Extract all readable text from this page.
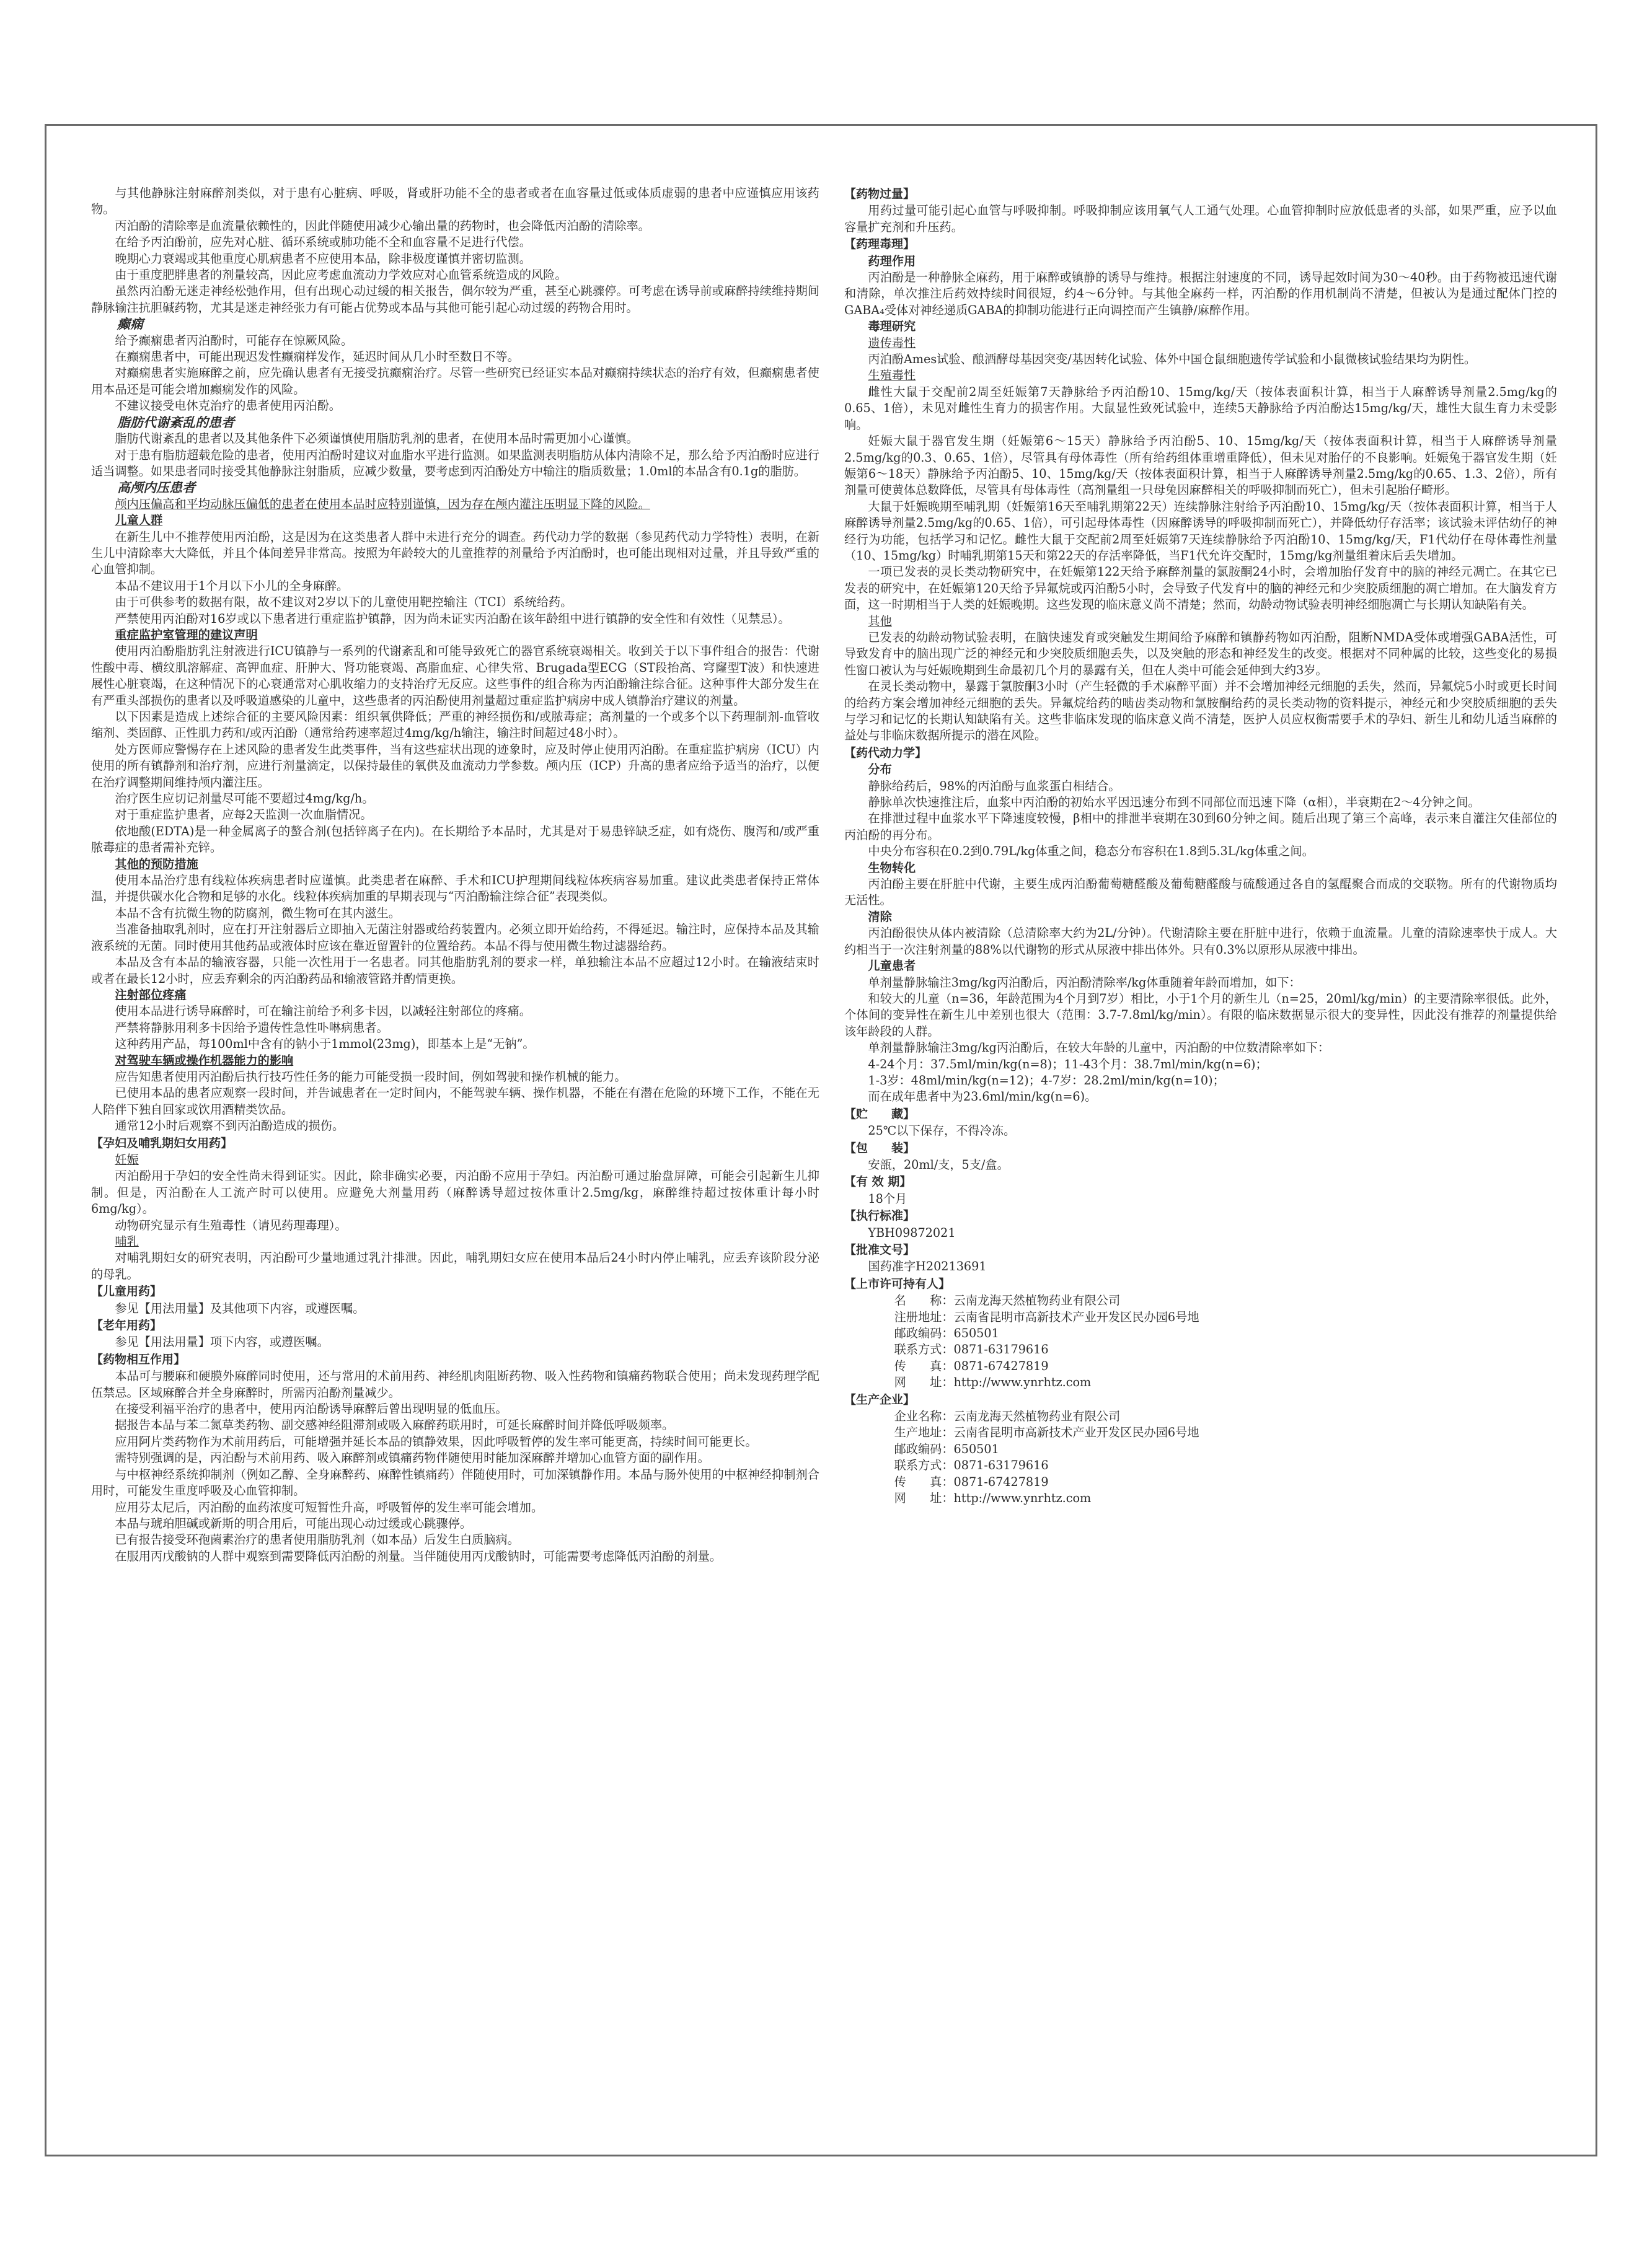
与其他静脉注射麻醉剂类似，对于患有心脏病、呼吸，肾或肝功能不全的患者或者在血容量过低或体质虚弱的患者中应谨慎应用该药物。

丙泊酚的清除率是血流量依赖性的，因此伴随使用减少心输出量的药物时，也会降低丙泊酚的清除率。

在给予丙泊酚前，应先对心脏、循环系统或肺功能不全和血容量不足进行代偿。

晚期心力衰竭或其他重度心肌病患者不应使用本品，除非极度谨慎并密切监测。

由于重度肥胖患者的剂量较高，因此应考虑血流动力学效应对心血管系统造成的风险。

虽然丙泊酚无迷走神经松弛作用，但有出现心动过缓的相关报告，偶尔较为严重，甚至心跳骤停。可考虑在诱导前或麻醉持续维持期间静脉输注抗胆碱药物，尤其是迷走神经张力有可能占优势或本品与其他可能引起心动过缓的药物合用时。

癫痫

给予癫痫患者丙泊酚时，可能存在惊厥风险。

在癫痫患者中，可能出现迟发性癫痫样发作，延迟时间从几小时至数日不等。

对癫痫患者实施麻醉之前，应先确认患者有无接受抗癫痫治疗。尽管一些研究已经证实本品对癫痫持续状态的治疗有效，但癫痫患者使用本品还是可能会增加癫痫发作的风险。

不建议接受电休克治疗的患者使用丙泊酚。

脂肪代谢紊乱的患者

脂肪代谢紊乱的患者以及其他条件下必须谨慎使用脂肪乳剂的患者，在使用本品时需更加小心谨慎。

对于患有脂肪超载危险的患者，使用丙泊酚时建议对血脂水平进行监测。如果监测表明脂肪从体内清除不足，那么给予丙泊酚时应进行适当调整。如果患者同时接受其他静脉注射脂质，应减少数量，要考虑到丙泊酚处方中输注的脂质数量；1.0ml的本品含有0.1g的脂肪。

高颅内压患者

颅内压偏高和平均动脉压偏低的患者在使用本品时应特别谨慎，因为存在颅内灌注压明显下降的风险。

儿童人群

在新生儿中不推荐使用丙泊酚，这是因为在这类患者人群中未进行充分的调查。药代动力学的数据（参见药代动力学特性）表明，在新生儿中清除率大大降低，并且个体间差异非常高。按照为年龄较大的儿童推荐的剂量给予丙泊酚时，也可能出现相对过量，并且导致严重的心血管抑制。

本品不建议用于1个月以下小儿的全身麻醉。

由于可供参考的数据有限，故不建议对2岁以下的儿童使用靶控输注（TCI）系统给药。

严禁使用丙泊酚对16岁或以下患者进行重症监护镇静，因为尚未证实丙泊酚在该年龄组中进行镇静的安全性和有效性（见禁忌）。

重症监护室管理的建议声明

使用丙泊酚脂肪乳注射液进行ICU镇静与一系列的代谢紊乱和可能导致死亡的器官系统衰竭相关。收到关于以下事件组合的报告：代谢性酸中毒、横纹肌溶解症、高钾血症、肝肿大、肾功能衰竭、高脂血症、心律失常、Brugada型ECG（ST段抬高、穹窿型T波）和快速进展性心脏衰竭，在这种情况下的心衰通常对心肌收缩力的支持治疗无反应。这些事件的组合称为丙泊酚输注综合征。这种事件大部分发生在有严重头部损伤的患者以及呼吸道感染的儿童中，这些患者的丙泊酚使用剂量超过重症监护病房中成人镇静治疗建议的剂量。

以下因素是造成上述综合征的主要风险因素：组织氧供降低；严重的神经损伤和/或脓毒症；高剂量的一个或多个以下药理制剂-血管收缩剂、类固醇、正性肌力药和/或丙泊酚（通常给药速率超过4mg/kg/h输注，输注时间超过48小时）。

处方医师应警惕存在上述风险的患者发生此类事件，当有这些症状出现的迹象时，应及时停止使用丙泊酚。在重症监护病房（ICU）内使用的所有镇静剂和治疗剂，应进行剂量滴定，以保持最佳的氧供及血流动力学参数。颅内压（ICP）升高的患者应给予适当的治疗，以便在治疗调整期间维持颅内灌注压。

治疗医生应切记剂量尽可能不要超过4mg/kg/h。

对于重症监护患者，应每2天监测一次血脂情况。

依地酸(EDTA)是一种金属离子的螯合剂(包括锌离子在内)。在长期给予本品时，尤其是对于易患锌缺乏症，如有烧伤、腹泻和/或严重脓毒症的患者需补充锌。

其他的预防措施

使用本品治疗患有线粒体疾病患者时应谨慎。此类患者在麻醉、手术和ICU护理期间线粒体疾病容易加重。建议此类患者保持正常体温，并提供碳水化合物和足够的水化。线粒体疾病加重的早期表现与“丙泊酚输注综合征”表现类似。

本品不含有抗微生物的防腐剂，微生物可在其内滋生。

当准备抽取乳剂时，应在打开注射器后立即抽入无菌注射器或给药装置内。必须立即开始给药，不得延迟。输注时，应保持本品及其输液系统的无菌。同时使用其他药品或液体时应该在靠近留置针的位置给药。本品不得与使用微生物过滤器给药。

本品及含有本品的输液容器，只能一次性用于一名患者。同其他脂肪乳剂的要求一样，单独输注本品不应超过12小时。在输液结束时或者在最长12小时，应丢弃剩余的丙泊酚药品和输液管路并酌情更换。

注射部位疼痛

使用本品进行诱导麻醉时，可在输注前给予利多卡因，以减轻注射部位的疼痛。

严禁将静脉用利多卡因给予遗传性急性卟啉病患者。

这种药用产品，每100ml中含有的钠小于1mmol(23mg)，即基本上是“无钠”。

对驾驶车辆或操作机器能力的影响

应告知患者使用丙泊酚后执行技巧性任务的能力可能受损一段时间，例如驾驶和操作机械的能力。

已使用本品的患者应观察一段时间，并告诫患者在一定时间内，不能驾驶车辆、操作机器，不能在有潜在危险的环境下工作，不能在无人陪伴下独自回家或饮用酒精类饮品。

通常12小时后观察不到丙泊酚造成的损伤。

【孕妇及哺乳期妇女用药】

妊娠

丙泊酚用于孕妇的安全性尚未得到证实。因此，除非确实必要，丙泊酚不应用于孕妇。丙泊酚可通过胎盘屏障，可能会引起新生儿抑制。但是，丙泊酚在人工流产时可以使用。应避免大剂量用药（麻醉诱导超过按体重计2.5mg/kg，麻醉维持超过按体重计每小时6mg/kg）。

动物研究显示有生殖毒性（请见药理毒理）。

哺乳

对哺乳期妇女的研究表明，丙泊酚可少量地通过乳汁排泄。因此，哺乳期妇女应在使用本品后24小时内停止哺乳，应丢弃该阶段分泌的母乳。

【儿童用药】

参见【用法用量】及其他项下内容，或遵医嘱。

【老年用药】

参见【用法用量】项下内容，或遵医嘱。

【药物相互作用】

本品可与腰麻和硬膜外麻醉同时使用，还与常用的术前用药、神经肌肉阻断药物、吸入性药物和镇痛药物联合使用；尚未发现药理学配伍禁忌。区域麻醉合并全身麻醉时，所需丙泊酚剂量减少。

在接受利福平治疗的患者中，使用丙泊酚诱导麻醉后曾出现明显的低血压。

据报告本品与苯二氮草类药物、副交感神经阻滞剂或吸入麻醉药联用时，可延长麻醉时间并降低呼吸频率。

应用阿片类药物作为术前用药后，可能增强并延长本品的镇静效果，因此呼吸暂停的发生率可能更高，持续时间可能更长。

需特别强调的是，丙泊酚与术前用药、吸入麻醉剂或镇痛药物伴随使用时能加深麻醉并增加心血管方面的副作用。

与中枢神经系统抑制剂（例如乙醇、全身麻醉药、麻醉性镇痛药）伴随使用时，可加深镇静作用。本品与肠外使用的中枢神经抑制剂合用时，可能发生重度呼吸及心血管抑制。

应用芬太尼后，丙泊酚的血药浓度可短暂性升高，呼吸暂停的发生率可能会增加。

本品与琥珀胆碱或新斯的明合用后，可能出现心动过缓或心跳骤停。

已有报告接受环孢菌素治疗的患者使用脂肪乳剂（如本品）后发生白质脑病。

在服用丙戊酸钠的人群中观察到需要降低丙泊酚的剂量。当伴随使用丙戊酸钠时，可能需要考虑降低丙泊酚的剂量。

【药物过量】

用药过量可能引起心血管与呼吸抑制。呼吸抑制应该用氧气人工通气处理。心血管抑制时应放低患者的头部，如果严重，应予以血容量扩充剂和升压药。

【药理毒理】

药理作用

丙泊酚是一种静脉全麻药，用于麻醉或镇静的诱导与维持。根据注射速度的不同，诱导起效时间为30～40秒。由于药物被迅速代谢和清除，单次推注后药效持续时间很短，约4～6分钟。与其他全麻药一样，丙泊酚的作用机制尚不清楚，但被认为是通过配体门控的GABA₄受体对神经递质GABA的抑制功能进行正向调控而产生镇静/麻醉作用。

毒理研究

遗传毒性

丙泊酚Ames试验、酿酒酵母基因突变/基因转化试验、体外中国仓鼠细胞遗传学试验和小鼠微核试验结果均为阴性。

生殖毒性

雌性大鼠于交配前2周至妊娠第7天静脉给予丙泊酚10、15mg/kg/天（按体表面积计算，相当于人麻醉诱导剂量2.5mg/kg的0.65、1倍），未见对雌性生育力的损害作用。大鼠显性致死试验中，连续5天静脉给予丙泊酚达15mg/kg/天，雄性大鼠生育力未受影响。

妊娠大鼠于器官发生期（妊娠第6～15天）静脉给予丙泊酚5、10、15mg/kg/天（按体表面积计算，相当于人麻醉诱导剂量2.5mg/kg的0.3、0.65、1倍），尽管具有母体毒性（所有给药组体重增重降低），但未见对胎仔的不良影响。妊娠兔于器官发生期（妊娠第6～18天）静脉给予丙泊酚5、10、15mg/kg/天（按体表面积计算，相当于人麻醉诱导剂量2.5mg/kg的0.65、1.3、2倍），所有剂量可使黄体总数降低，尽管具有母体毒性（高剂量组一只母兔因麻醉相关的呼吸抑制而死亡），但未引起胎仔畸形。

大鼠于妊娠晚期至哺乳期（妊娠第16天至哺乳期第22天）连续静脉注射给予丙泊酚10、15mg/kg/天（按体表面积计算，相当于人麻醉诱导剂量2.5mg/kg的0.65、1倍），可引起母体毒性（因麻醉诱导的呼吸抑制而死亡），并降低幼仔存活率；该试验未评估幼仔的神经行为功能，包括学习和记忆。雌性大鼠于交配前2周至妊娠第7天连续静脉给予丙泊酚10、15mg/kg/天，F1代幼仔在母体毒性剂量（10、15mg/kg）时哺乳期第15天和第22天的存活率降低，当F1代允许交配时，15mg/kg剂量组着床后丢失增加。

一项已发表的灵长类动物研究中，在妊娠第122天给予麻醉剂量的氯胺酮24小时，会增加胎仔发育中的脑的神经元凋亡。在其它已发表的研究中，在妊娠第120天给予异氟烷或丙泊酚5小时，会导致子代发育中的脑的神经元和少突胶质细胞的凋亡增加。在大脑发育方面，这一时期相当于人类的妊娠晚期。这些发现的临床意义尚不清楚；然而，幼龄动物试验表明神经细胞凋亡与长期认知缺陷有关。

其他

已发表的幼龄动物试验表明，在脑快速发育或突触发生期间给予麻醉和镇静药物如丙泊酚，阻断NMDA受体或增强GABA活性，可导致发育中的脑出现广泛的神经元和少突胶质细胞丢失，以及突触的形态和神经发生的改变。根据对不同种属的比较，这些变化的易损性窗口被认为与妊娠晚期到生命最初几个月的暴露有关，但在人类中可能会延伸到大约3岁。

在灵长类动物中，暴露于氯胺酮3小时（产生轻微的手术麻醉平面）并不会增加神经元细胞的丢失，然而，异氟烷5小时或更长时间的给药方案会增加神经元细胞的丢失。异氟烷给药的啮齿类动物和氯胺酮给药的灵长类动物的资料提示，神经元和少突胶质细胞的丢失与学习和记忆的长期认知缺陷有关。这些非临床发现的临床意义尚不清楚，医护人员应权衡需要手术的孕妇、新生儿和幼儿适当麻醉的益处与非临床数据所提示的潜在风险。

【药代动力学】

分布

静脉给药后，98%的丙泊酚与血浆蛋白相结合。

静脉单次快速推注后，血浆中丙泊酚的初始水平因迅速分布到不同部位而迅速下降（α相），半衰期在2～4分钟之间。

在排泄过程中血浆水平下降速度较慢，β相中的排泄半衰期在30到60分钟之间。随后出现了第三个高峰，表示来自灌注欠佳部位的丙泊酚的再分布。

中央分布容积在0.2到0.79L/kg体重之间，稳态分布容积在1.8到5.3L/kg体重之间。

生物转化

丙泊酚主要在肝脏中代谢，主要生成丙泊酚葡萄糖醛酸及葡萄糖醛酸与硫酸通过各自的氢醌聚合而成的交联物。所有的代谢物质均无活性。

清除

丙泊酚很快从体内被清除（总清除率大约为2L/分钟）。代谢清除主要在肝脏中进行，依赖于血流量。儿童的清除速率快于成人。大约相当于一次注射剂量的88%以代谢物的形式从尿液中排出体外。只有0.3%以原形从尿液中排出。

儿童患者

单剂量静脉输注3mg/kg丙泊酚后，丙泊酚清除率/kg体重随着年龄而增加，如下：

和较大的儿童（n=36，年龄范围为4个月到7岁）相比，小于1个月的新生儿（n=25，20ml/kg/min）的主要清除率很低。此外，个体间的变异性在新生儿中差别也很大（范围：3.7-7.8ml/kg/min）。有限的临床数据显示很大的变异性，因此没有推荐的剂量提供给该年龄段的人群。

单剂量静脉输注3mg/kg丙泊酚后，在较大年龄的儿童中，丙泊酚的中位数清除率如下：

4-24个月：37.5ml/min/kg(n=8)；11-43个月：38.7ml/min/kg(n=6)；

1-3岁：48ml/min/kg(n=12)；4-7岁：28.2ml/min/kg(n=10)；

而在成年患者中为23.6ml/min/kg(n=6)。

【贮　　藏】

25℃以下保存，不得冷冻。

【包　　装】

安瓿，20ml/支，5支/盒。

【有 效 期】

18个月

【执行标准】

YBH09872021

【批准文号】

国药准字H20213691

【上市许可持有人】

名　　称：云南龙海天然植物药业有限公司

注册地址：云南省昆明市高新技术产业开发区民办园6号地

邮政编码：650501

联系方式：0871-63179616

传　　真：0871-67427819

网　　址：http://www.ynrhtz.com

【生产企业】

企业名称：云南龙海天然植物药业有限公司

生产地址：云南省昆明市高新技术产业开发区民办园6号地

邮政编码：650501

联系方式：0871-63179616

传　　真：0871-67427819

网　　址：http://www.ynrhtz.com
